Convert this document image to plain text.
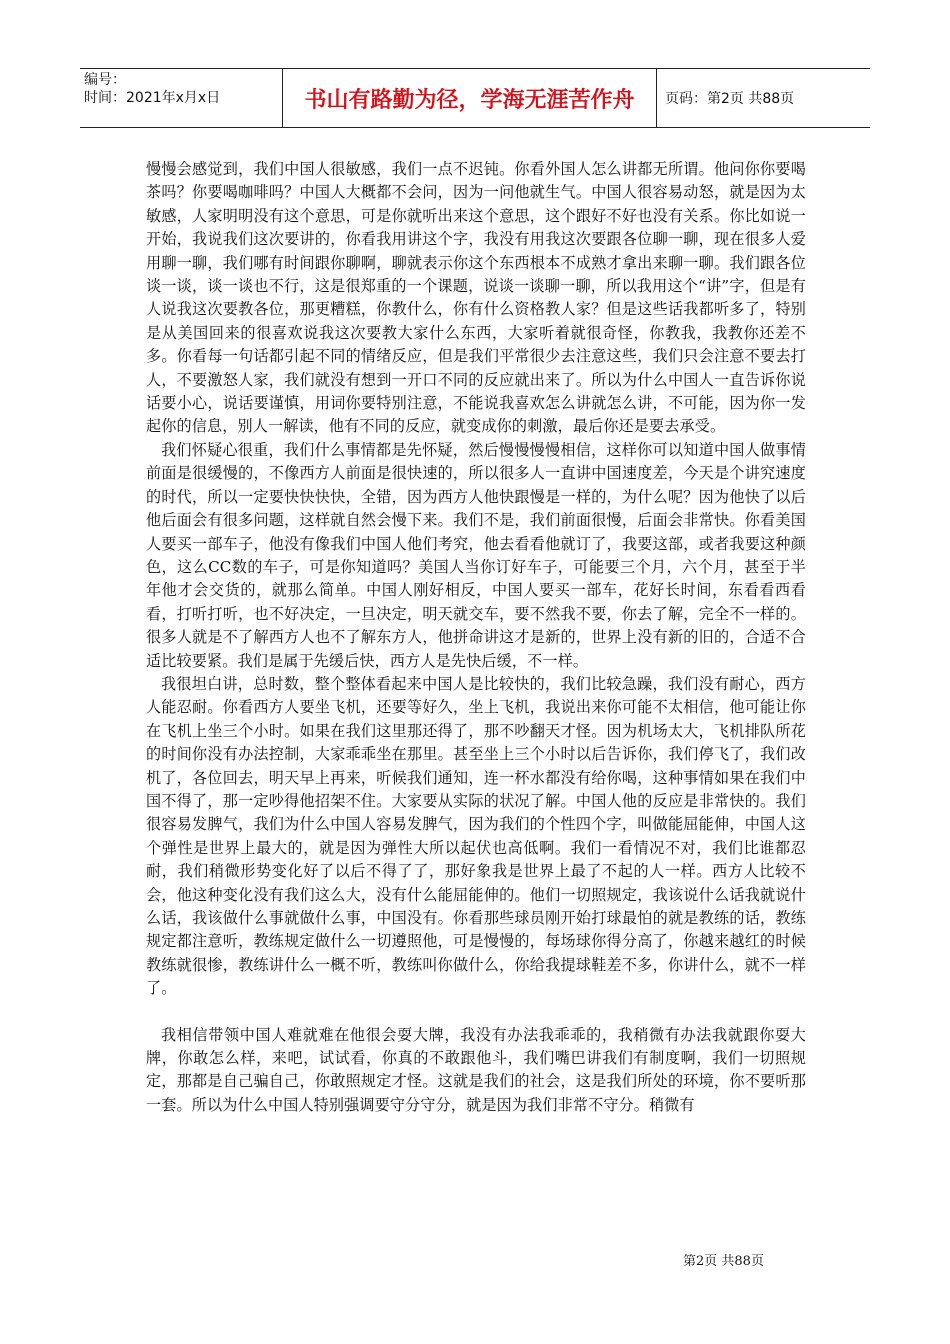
编号：
时间：2021年x月x日	书山有路勤为径，学海无涯苦作舟	页码：第2页 共88页

慢慢会感觉到，我们中国人很敏感，我们一点不迟钝。你看外国人怎么讲都无所谓。他问你你要喝茶吗？你要喝咖啡吗？中国人大概都不会问，因为一问他就生气。中国人很容易动怒，就是因为太敏感，人家明明没有这个意思，可是你就听出来这个意思，这个跟好不好也没有关系。你比如说一开始，我说我们这次要讲的，你看我用讲这个字，我没有用我这次要跟各位聊一聊，现在很多人爱用聊一聊，我们哪有时间跟你聊啊，聊就表示你这个东西根本不成熟才拿出来聊一聊。我们跟各位谈一谈，谈一谈也不行，这是很郑重的一个课题，说谈一谈聊一聊，所以我用这个“讲”字，但是有人说我这次要教各位，那更糟糕，你教什么，你有什么资格教人家？但是这些话我都听多了，特别是从美国回来的很喜欢说我这次要教大家什么东西，大家听着就很奇怪，你教我，我教你还差不多。你看每一句话都引起不同的情绪反应，但是我们平常很少去注意这些，我们只会注意不要去打人，不要激怒人家，我们就没有想到一开口不同的反应就出来了。所以为什么中国人一直告诉你说话要小心，说话要谨慎，用词你要特别注意，不能说我喜欢怎么讲就怎么讲，不可能，因为你一发起你的信息，别人一解读，他有不同的反应，就变成你的刺激，最后你还是要去承受。

我们怀疑心很重，我们什么事情都是先怀疑，然后慢慢慢慢相信，这样你可以知道中国人做事情前面是很缓慢的，不像西方人前面是很快速的，所以很多人一直讲中国速度差，今天是个讲究速度的时代，所以一定要快快快快，全错，因为西方人他快跟慢是一样的，为什么呢？因为他快了以后他后面会有很多问题，这样就自然会慢下来。我们不是，我们前面很慢，后面会非常快。你看美国人要买一部车子，他没有像我们中国人他们考究，他去看看他就订了，我要这部，或者我要这种颜色，这么CC数的车子，可是你知道吗？美国人当你订好车子，可能要三个月，六个月，甚至于半年他才会交货的，就那么简单。中国人刚好相反，中国人要买一部车，花好长时间，东看看西看看，打听打听，也不好决定，一旦决定，明天就交车，要不然我不要，你去了解，完全不一样的。很多人就是不了解西方人也不了解东方人，他拼命讲这才是新的，世界上没有新的旧的，合适不合适比较要紧。我们是属于先缓后快，西方人是先快后缓，不一样。

我很坦白讲，总时数，整个整体看起来中国人是比较快的，我们比较急躁，我们没有耐心，西方人能忍耐。你看西方人要坐飞机，还要等好久，坐上飞机，我说出来你可能不太相信，他可能让你在飞机上坐三个小时。如果在我们这里那还得了，那不吵翻天才怪。因为机场太大，飞机排队所花的时间你没有办法控制，大家乖乖坐在那里。甚至坐上三个小时以后告诉你，我们停飞了，我们改机了，各位回去，明天早上再来，听候我们通知，连一杯水都没有给你喝，这种事情如果在我们中国不得了，那一定吵得他招架不住。大家要从实际的状况了解。中国人他的反应是非常快的。我们很容易发脾气，我们为什么中国人容易发脾气，因为我们的个性四个字，叫做能屈能伸，中国人这个弹性是世界上最大的，就是因为弹性大所以起伏也高低啊。我们一看情况不对，我们比谁都忍耐，我们稍微形势变化好了以后不得了了，那好象我是世界上最了不起的人一样。西方人比较不会，他这种变化没有我们这么大，没有什么能屈能伸的。他们一切照规定，我该说什么话我就说什么话，我该做什么事就做什么事，中国没有。你看那些球员刚开始打球最怕的就是教练的话，教练规定都注意听，教练规定做什么一切遵照他，可是慢慢的，每场球你得分高了，你越来越红的时候教练就很惨，教练讲什么一概不听，教练叫你做什么，你给我提球鞋差不多，你讲什么，就不一样了。

我相信带领中国人难就难在他很会耍大牌，我没有办法我乖乖的，我稍微有办法我就跟你耍大牌，你敢怎么样，来吧，试试看，你真的不敢跟他斗，我们嘴巴讲我们有制度啊，我们一切照规定，那都是自己骗自己，你敢照规定才怪。这就是我们的社会，这是我们所处的环境，你不要听那一套。所以为什么中国人特别强调要守分守分，就是因为我们非常不守分。稍微有

第2页 共88页
